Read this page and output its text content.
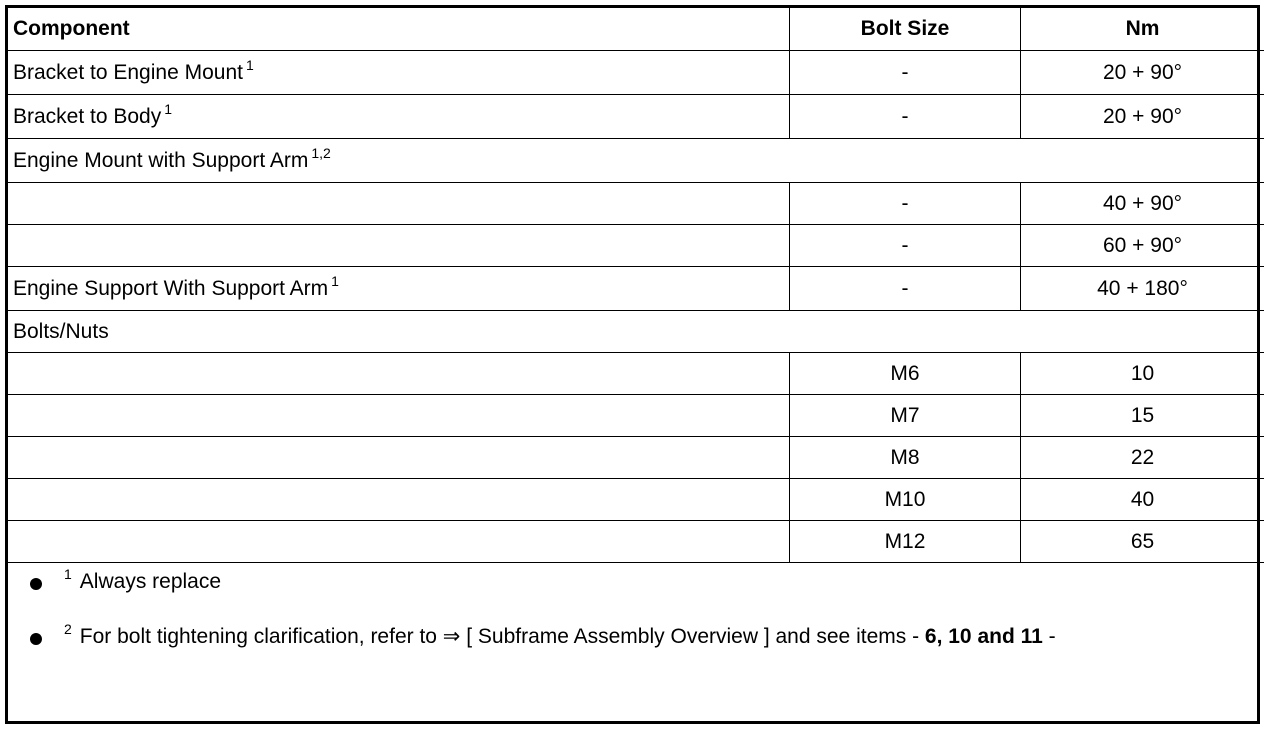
Component	Bolt Size	Nm
Bracket to Engine Mount $^1$	-	20 + 90°
Bracket to Body $^1$	-	20 + 90°
Engine Mount with Support Arm $^{1,2}$
	-	40 + 90°
	-	60 + 90°
Engine Support With Support Arm $^1$	-	40 + 180°
Bolts/Nuts		
	M6	10
	M7	15
	M8	22
	M10	40
	M12	65
$^1$ Always replace
$^2$ For bolt tightening clarification, refer to ⇒ [ Subframe Assembly Overview ] and see items - 6, 10 and 11 -
